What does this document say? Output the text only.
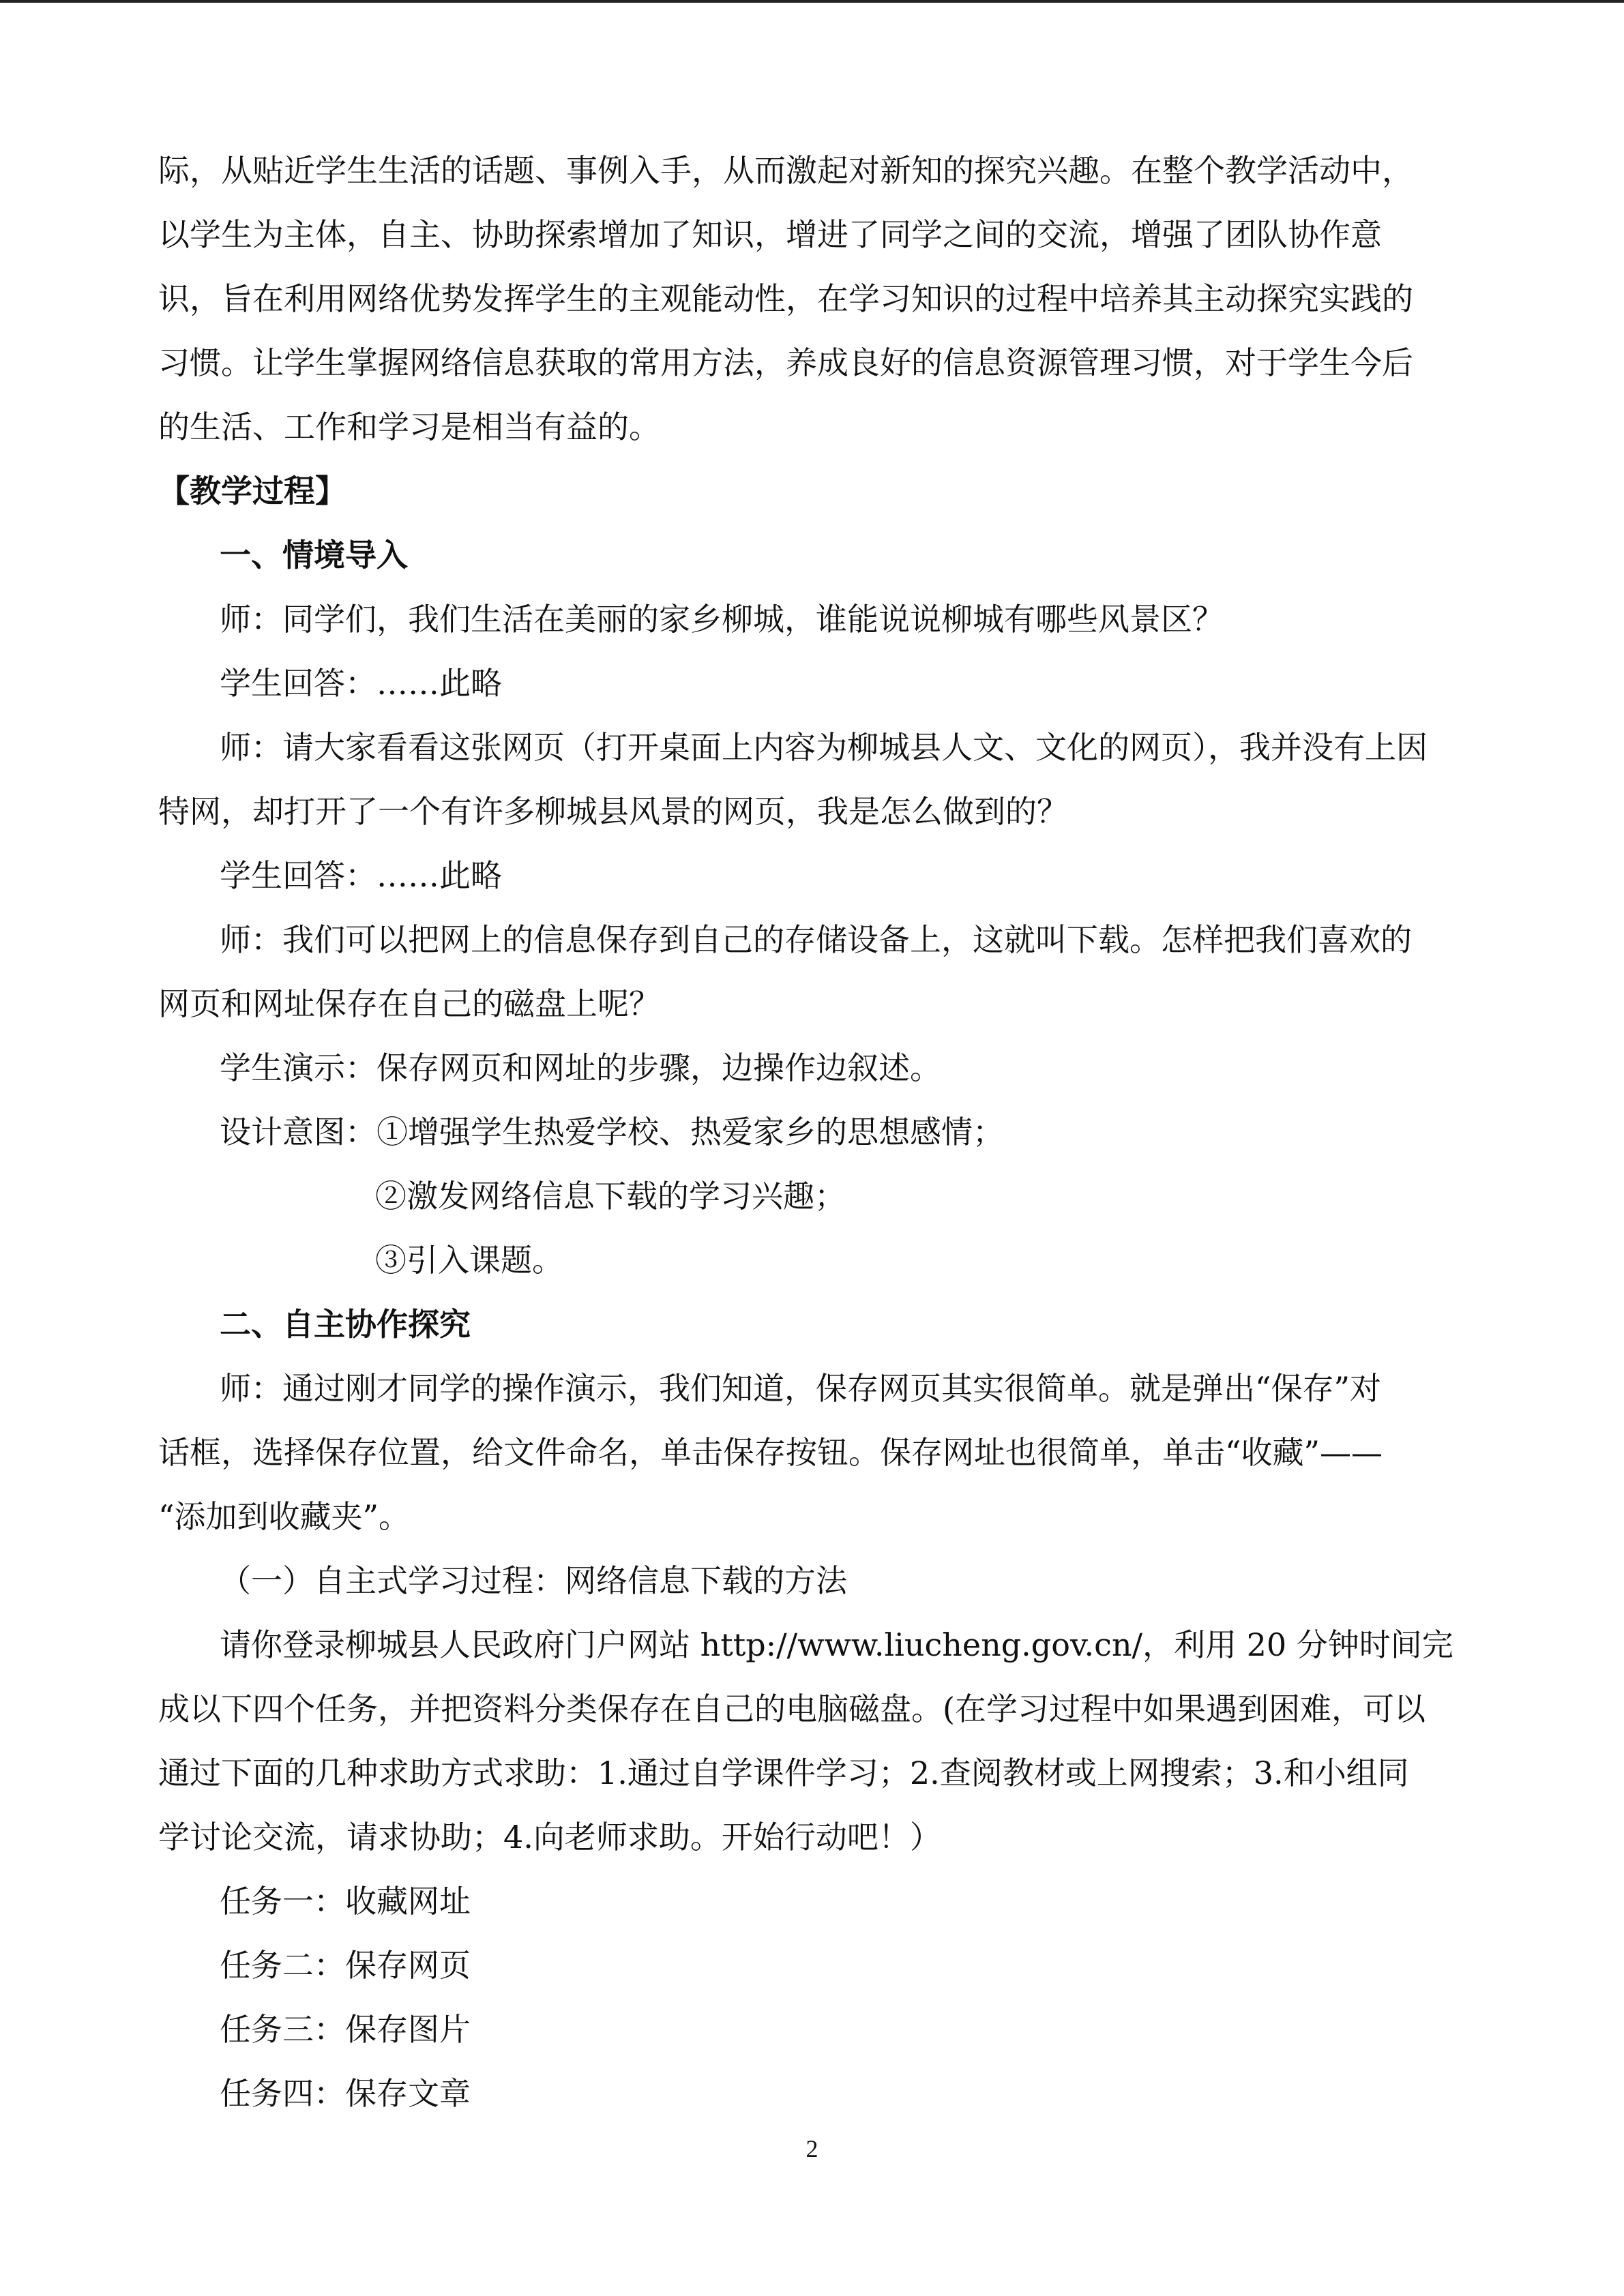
际，从贴近学生生活的话题、事例入手，从而激起对新知的探究兴趣。在整个教学活动中，
以学生为主体，自主、协助探索增加了知识，增进了同学之间的交流，增强了团队协作意
识，旨在利用网络优势发挥学生的主观能动性，在学习知识的过程中培养其主动探究实践的
习惯。让学生掌握网络信息获取的常用方法，养成良好的信息资源管理习惯，对于学生今后
的生活、工作和学习是相当有益的。
【教学过程】
一、情境导入
师：同学们，我们生活在美丽的家乡柳城，谁能说说柳城有哪些风景区？
学生回答：……此略
师：请大家看看这张网页（打开桌面上内容为柳城县人文、文化的网页），我并没有上因
特网，却打开了一个有许多柳城县风景的网页，我是怎么做到的？
学生回答：……此略
师：我们可以把网上的信息保存到自己的存储设备上，这就叫下载。怎样把我们喜欢的
网页和网址保存在自己的磁盘上呢？
学生演示：保存网页和网址的步骤，边操作边叙述。
设计意图：①增强学生热爱学校、热爱家乡的思想感情；
②激发网络信息下载的学习兴趣；
③引入课题。
二、自主协作探究
师：通过刚才同学的操作演示，我们知道，保存网页其实很简单。就是弹出“保存”对
话框，选择保存位置，给文件命名，单击保存按钮。保存网址也很简单，单击“收藏”——
“添加到收藏夹”。
（一）自主式学习过程：网络信息下载的方法
请你登录柳城县人民政府门户网站 http://www.liucheng.gov.cn/，利用 20 分钟时间完
成以下四个任务，并把资料分类保存在自己的电脑磁盘。(在学习过程中如果遇到困难，可以
通过下面的几种求助方式求助：1.通过自学课件学习；2.查阅教材或上网搜索；3.和小组同
学讨论交流，请求协助；4.向老师求助。开始行动吧！）
任务一：收藏网址
任务二：保存网页
任务三：保存图片
任务四：保存文章
2
